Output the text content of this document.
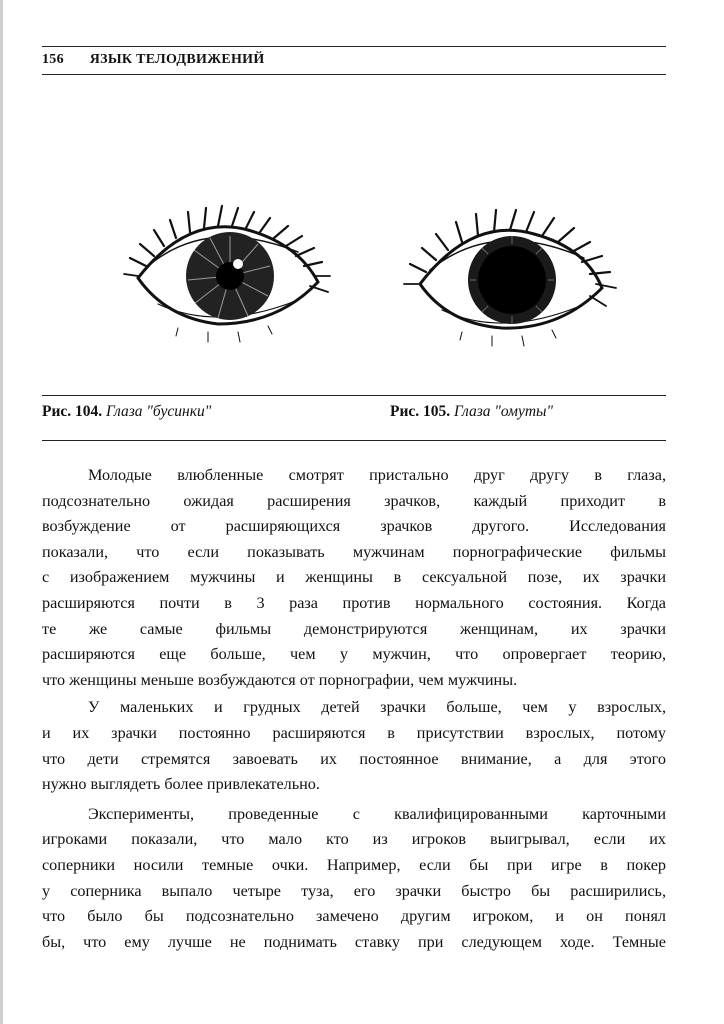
156 ЯЗЫК ТЕЛОДВИЖЕНИЙ
Рис. 104. Глаза "бусинки"	Рис. 105. Глаза "омуты"
Молодые влюбленные смотрят пристально друг другу в глаза,
подсознательно ожидая расширения зрачков, каждый приходит в
возбуждение от расширяющихся зрачков другого. Исследования
показали, что если показывать мужчинам порнографические фильмы
с изображением мужчины и женщины в сексуальной позе, их зрачки
расширяются почти в 3 раза против нормального состояния. Когда
те же самые фильмы демонстрируются женщинам, их зрачки
расширяются еще больше, чем у мужчин, что опровергает теорию,
что женщины меньше возбуждаются от порнографии, чем мужчины.
У маленьких и грудных детей зрачки больше, чем у взрослых,
и их зрачки постоянно расширяются в присутствии взрослых, потому
что дети стремятся завоевать их постоянное внимание, а для этого
нужно выглядеть более привлекательно.
Эксперименты, проведенные с квалифицированными карточными
игроками показали, что мало кто из игроков выигрывал, если их
соперники носили темные очки. Например, если бы при игре в покер
у соперника выпало четыре туза, его зрачки быстро бы расширились,
что было бы подсознательно замечено другим игроком, и он понял
бы, что ему лучше не поднимать ставку при следующем ходе. Темные
